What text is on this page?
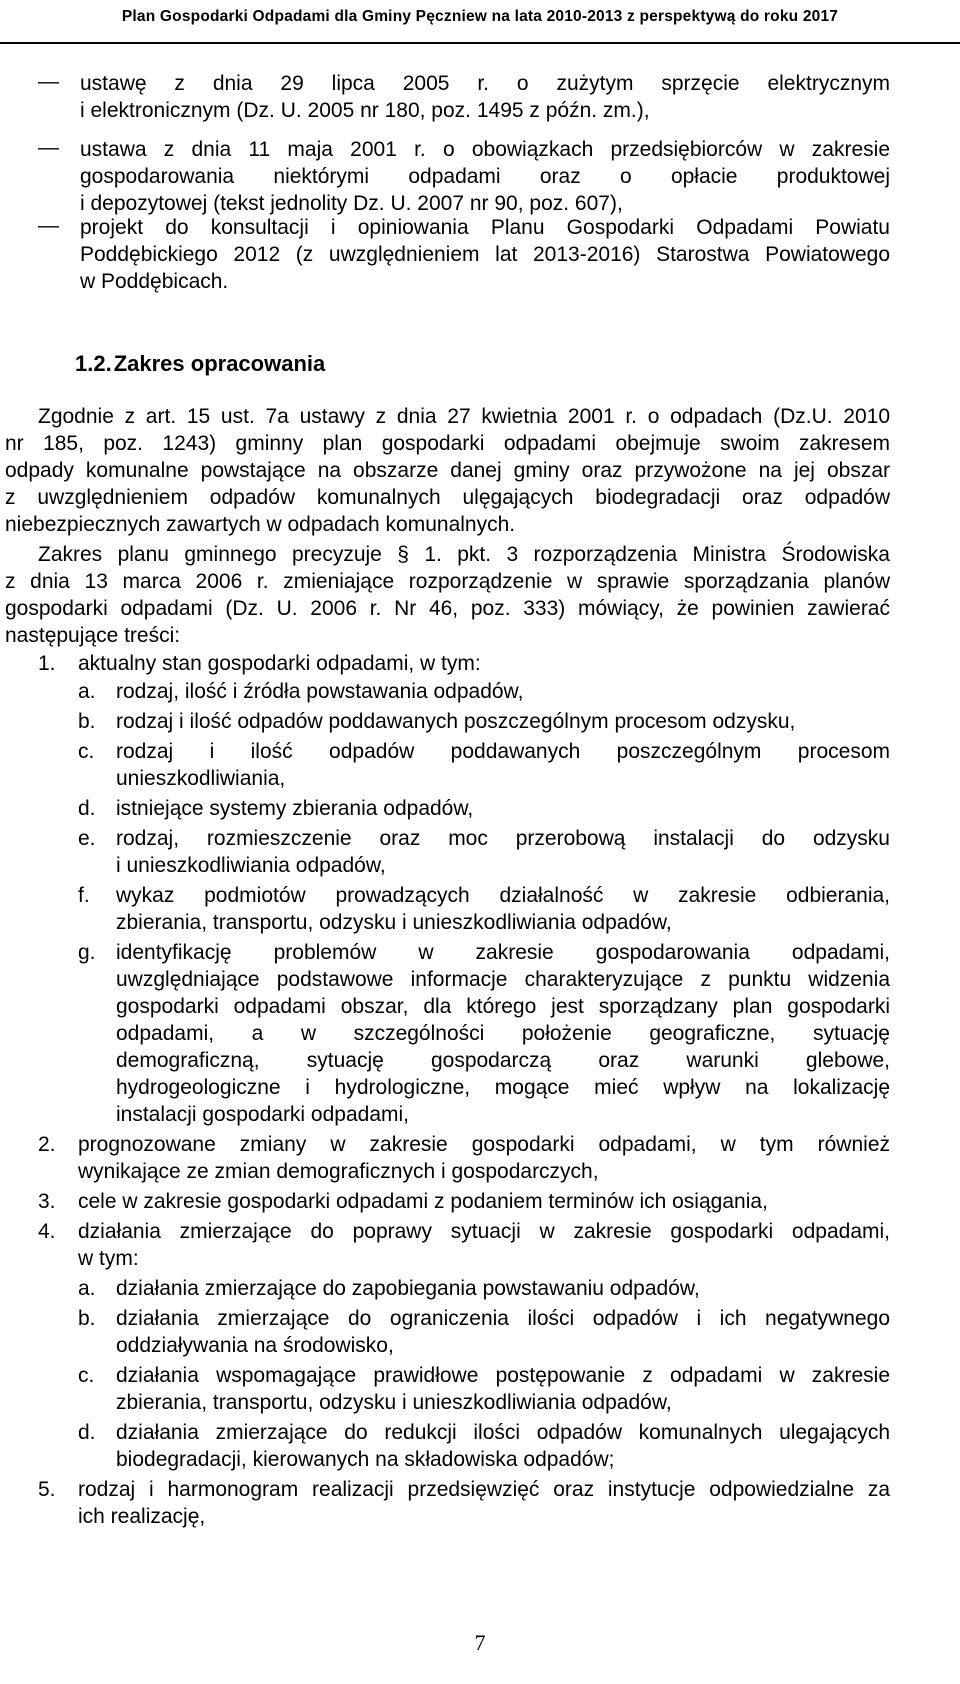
Plan Gospodarki Odpadami dla Gminy Pęczniew na lata 2010-2013 z perspektywą do roku 2017
— ustawę z dnia 29 lipca 2005 r. o zużytym sprzęcie elektrycznym
i elektronicznym (Dz. U. 2005 nr 180, poz. 1495 z późn. zm.),
— ustawa z dnia 11 maja 2001 r. o obowiązkach przedsiębiorców w zakresie
gospodarowania niektórymi odpadami oraz o opłacie produktowej
i depozytowej (tekst jednolity Dz. U. 2007 nr 90, poz. 607),
— projekt do konsultacji i opiniowania Planu Gospodarki Odpadami Powiatu
Poddębickiego 2012 (z uwzględnieniem lat 2013-2016) Starostwa Powiatowego
w Poddębicach.
1.2.Zakres opracowania
Zgodnie z art. 15 ust. 7a ustawy z dnia 27 kwietnia 2001 r. o odpadach (Dz.U. 2010
nr 185, poz. 1243) gminny plan gospodarki odpadami obejmuje swoim zakresem
odpady komunalne powstające na obszarze danej gminy oraz przywożone na jej obszar
z uwzględnieniem odpadów komunalnych ulęgających biodegradacji oraz odpadów
niebezpiecznych zawartych w odpadach komunalnych.
Zakres planu gminnego precyzuje § 1. pkt. 3 rozporządzenia Ministra Środowiska
z dnia 13 marca 2006 r. zmieniające rozporządzenie w sprawie sporządzania planów
gospodarki odpadami (Dz. U. 2006 r. Nr 46, poz. 333) mówiący, że powinien zawierać
następujące treści:
1. aktualny stan gospodarki odpadami, w tym:
a. rodzaj, ilość i źródła powstawania odpadów,
b. rodzaj i ilość odpadów poddawanych poszczególnym procesom odzysku,
c. rodzaj i ilość odpadów poddawanych poszczególnym procesom
unieszkodliwiania,
d. istniejące systemy zbierania odpadów,
e. rodzaj, rozmieszczenie oraz moc przerobową instalacji do odzysku
i unieszkodliwiania odpadów,
f. wykaz podmiotów prowadzących działalność w zakresie odbierania,
zbierania, transportu, odzysku i unieszkodliwiania odpadów,
g. identyfikację problemów w zakresie gospodarowania odpadami,
uwzględniające podstawowe informacje charakteryzujące z punktu widzenia
gospodarki odpadami obszar, dla którego jest sporządzany plan gospodarki
odpadami, a w szczególności położenie geograficzne, sytuację
demograficzną, sytuację gospodarczą oraz warunki glebowe,
hydrogeologiczne i hydrologiczne, mogące mieć wpływ na lokalizację
instalacji gospodarki odpadami,
2. prognozowane zmiany w zakresie gospodarki odpadami, w tym również
wynikające ze zmian demograficznych i gospodarczych,
3. cele w zakresie gospodarki odpadami z podaniem terminów ich osiągania,
4. działania zmierzające do poprawy sytuacji w zakresie gospodarki odpadami,
w tym:
a. działania zmierzające do zapobiegania powstawaniu odpadów,
b. działania zmierzające do ograniczenia ilości odpadów i ich negatywnego
oddziaływania na środowisko,
c. działania wspomagające prawidłowe postępowanie z odpadami w zakresie
zbierania, transportu, odzysku i unieszkodliwiania odpadów,
d. działania zmierzające do redukcji ilości odpadów komunalnych ulegających
biodegradacji, kierowanych na składowiska odpadów;
5. rodzaj i harmonogram realizacji przedsięwzięć oraz instytucje odpowiedzialne za
ich realizację,
7
